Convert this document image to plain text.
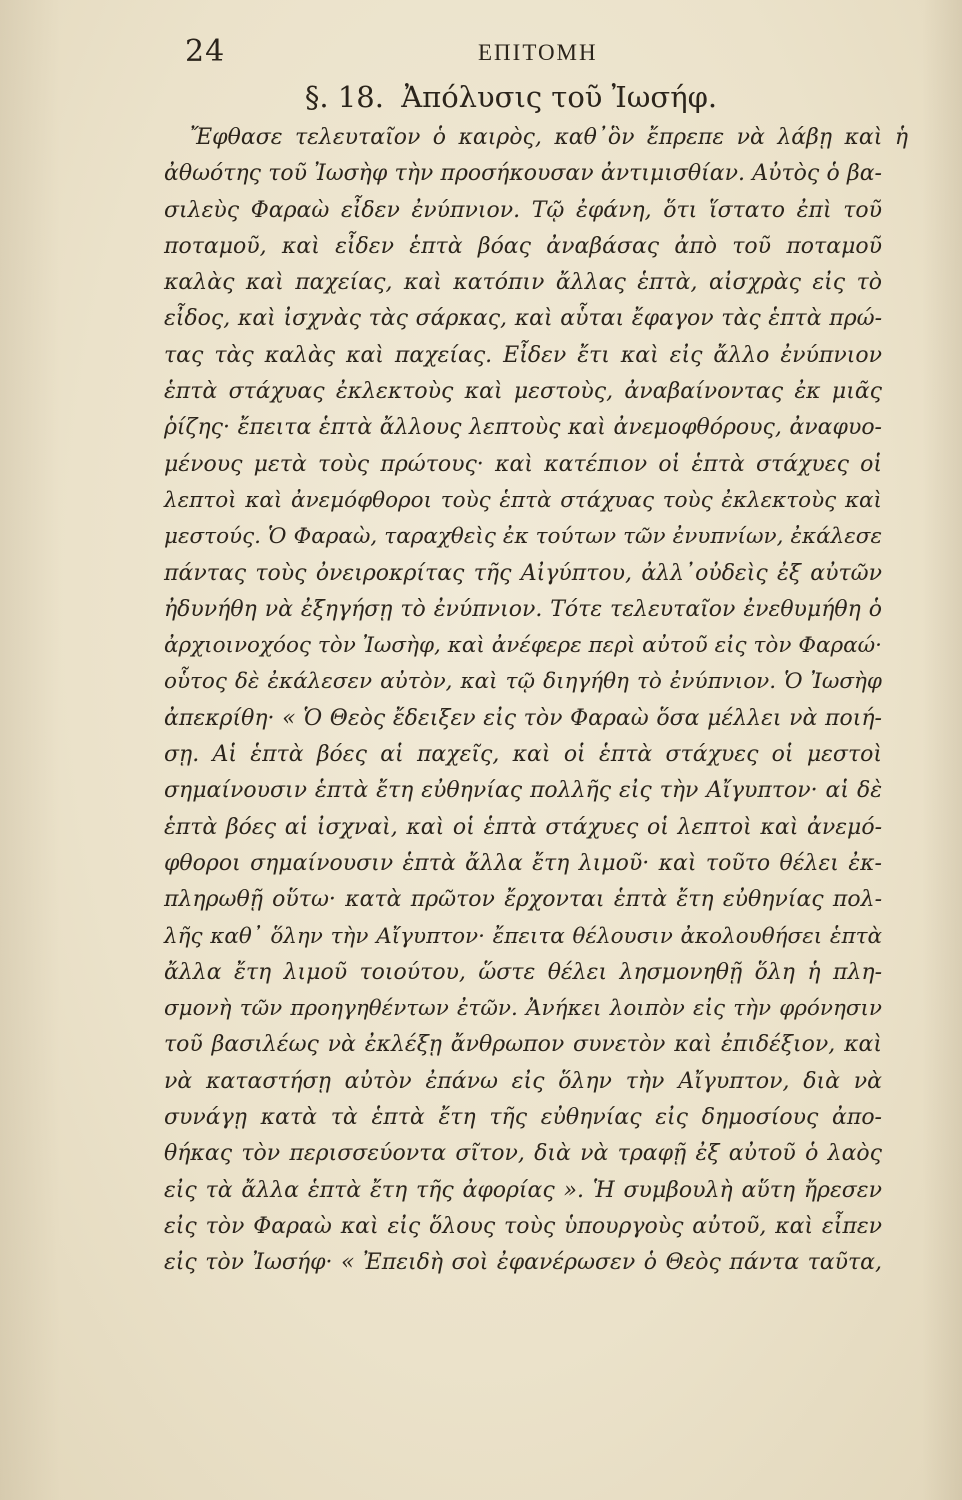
24	ΕΠΙΤΟΜΗ
§. 18. Ἀπόλυσις τοῦ Ἰωσήφ.
Ἔφθασε τελευταῖον ὁ καιρὸς, καθ᾽ὃν ἔπρεπε νὰ λάβῃ καὶ ἡ
ἀθωότης τοῦ Ἰωσὴφ τὴν προσήκουσαν ἀντιμισθίαν. Αὐτὸς ὁ βα-
σιλεὺς Φαραὼ εἶδεν ἐνύπνιον. Τῷ ἐφάνη, ὅτι ἵστατο ἐπὶ τοῦ
ποταμοῦ, καὶ εἶδεν ἑπτὰ βόας ἀναβάσας ἀπὸ τοῦ ποταμοῦ
καλὰς καὶ παχείας, καὶ κατόπιν ἄλλας ἑπτὰ, αἰσχρὰς εἰς τὸ
εἶδος, καὶ ἰσχνὰς τὰς σάρκας, καὶ αὗται ἔφαγον τὰς ἑπτὰ πρώ-
τας τὰς καλὰς καὶ παχείας. Εἶδεν ἔτι καὶ εἰς ἄλλο ἐνύπνιον
ἑπτὰ στάχυας ἐκλεκτοὺς καὶ μεστοὺς, ἀναβαίνοντας ἐκ μιᾶς
ῥίζης· ἔπειτα ἑπτὰ ἄλλους λεπτοὺς καὶ ἀνεμοφθόρους, ἀναφυο-
μένους μετὰ τοὺς πρώτους· καὶ κατέπιον οἱ ἑπτὰ στάχυες οἱ
λεπτοὶ καὶ ἀνεμόφθοροι τοὺς ἑπτὰ στάχυας τοὺς ἐκλεκτοὺς καὶ
μεστούς. Ὁ Φαραὼ, ταραχθεὶς ἐκ τούτων τῶν ἐνυπνίων, ἐκάλεσε
πάντας τοὺς ὀνειροκρίτας τῆς Αἰγύπτου, ἀλλ᾽οὐδεὶς ἐξ αὐτῶν
ἠδυνήθη νὰ ἐξηγήσῃ τὸ ἐνύπνιον. Τότε τελευταῖον ἐνεθυμήθη ὁ
ἀρχιοινοχόος τὸν Ἰωσὴφ, καὶ ἀνέφερε περὶ αὐτοῦ εἰς τὸν Φαραώ·
οὗτος δὲ ἐκάλεσεν αὐτὸν, καὶ τῷ διηγήθη τὸ ἐνύπνιον. Ὁ Ἰωσὴφ
ἀπεκρίθη· « Ὁ Θεὸς ἔδειξεν εἰς τὸν Φαραὼ ὅσα μέλλει νὰ ποιή-
σῃ. Αἱ ἑπτὰ βόες αἱ παχεῖς, καὶ οἱ ἑπτὰ στάχυες οἱ μεστοὶ
σημαίνουσιν ἑπτὰ ἔτη εὐθηνίας πολλῆς εἰς τὴν Αἴγυπτον· αἱ δὲ
ἑπτὰ βόες αἱ ἰσχναὶ, καὶ οἱ ἑπτὰ στάχυες οἱ λεπτοὶ καὶ ἀνεμό-
φθοροι σημαίνουσιν ἑπτὰ ἄλλα ἔτη λιμοῦ· καὶ τοῦτο θέλει ἐκ-
πληρωθῇ οὕτω· κατὰ πρῶτον ἔρχονται ἑπτὰ ἔτη εὐθηνίας πολ-
λῆς καθ᾽ ὅλην τὴν Αἴγυπτον· ἔπειτα θέλουσιν ἀκολουθήσει ἑπτὰ
ἄλλα ἔτη λιμοῦ τοιούτου, ὥστε θέλει λησμονηθῇ ὅλη ἡ πλη-
σμονὴ τῶν προηγηθέντων ἐτῶν. Ἀνήκει λοιπὸν εἰς τὴν φρόνησιν
τοῦ βασιλέως νὰ ἐκλέξῃ ἄνθρωπον συνετὸν καὶ ἐπιδέξιον, καὶ
νὰ καταστήσῃ αὐτὸν ἐπάνω εἰς ὅλην τὴν Αἴγυπτον, διὰ νὰ
συνάγῃ κατὰ τὰ ἑπτὰ ἔτη τῆς εὐθηνίας εἰς δημοσίους ἀπο-
θήκας τὸν περισσεύοντα σῖτον, διὰ νὰ τραφῇ ἐξ αὐτοῦ ὁ λαὸς
εἰς τὰ ἄλλα ἑπτὰ ἔτη τῆς ἀφορίας ». Ἡ συμβουλὴ αὕτη ἤρεσεν
εἰς τὸν Φαραὼ καὶ εἰς ὅλους τοὺς ὑπουργοὺς αὐτοῦ, καὶ εἶπεν
εἰς τὸν Ἰωσήφ· « Ἐπειδὴ σοὶ ἐφανέρωσεν ὁ Θεὸς πάντα ταῦτα,
